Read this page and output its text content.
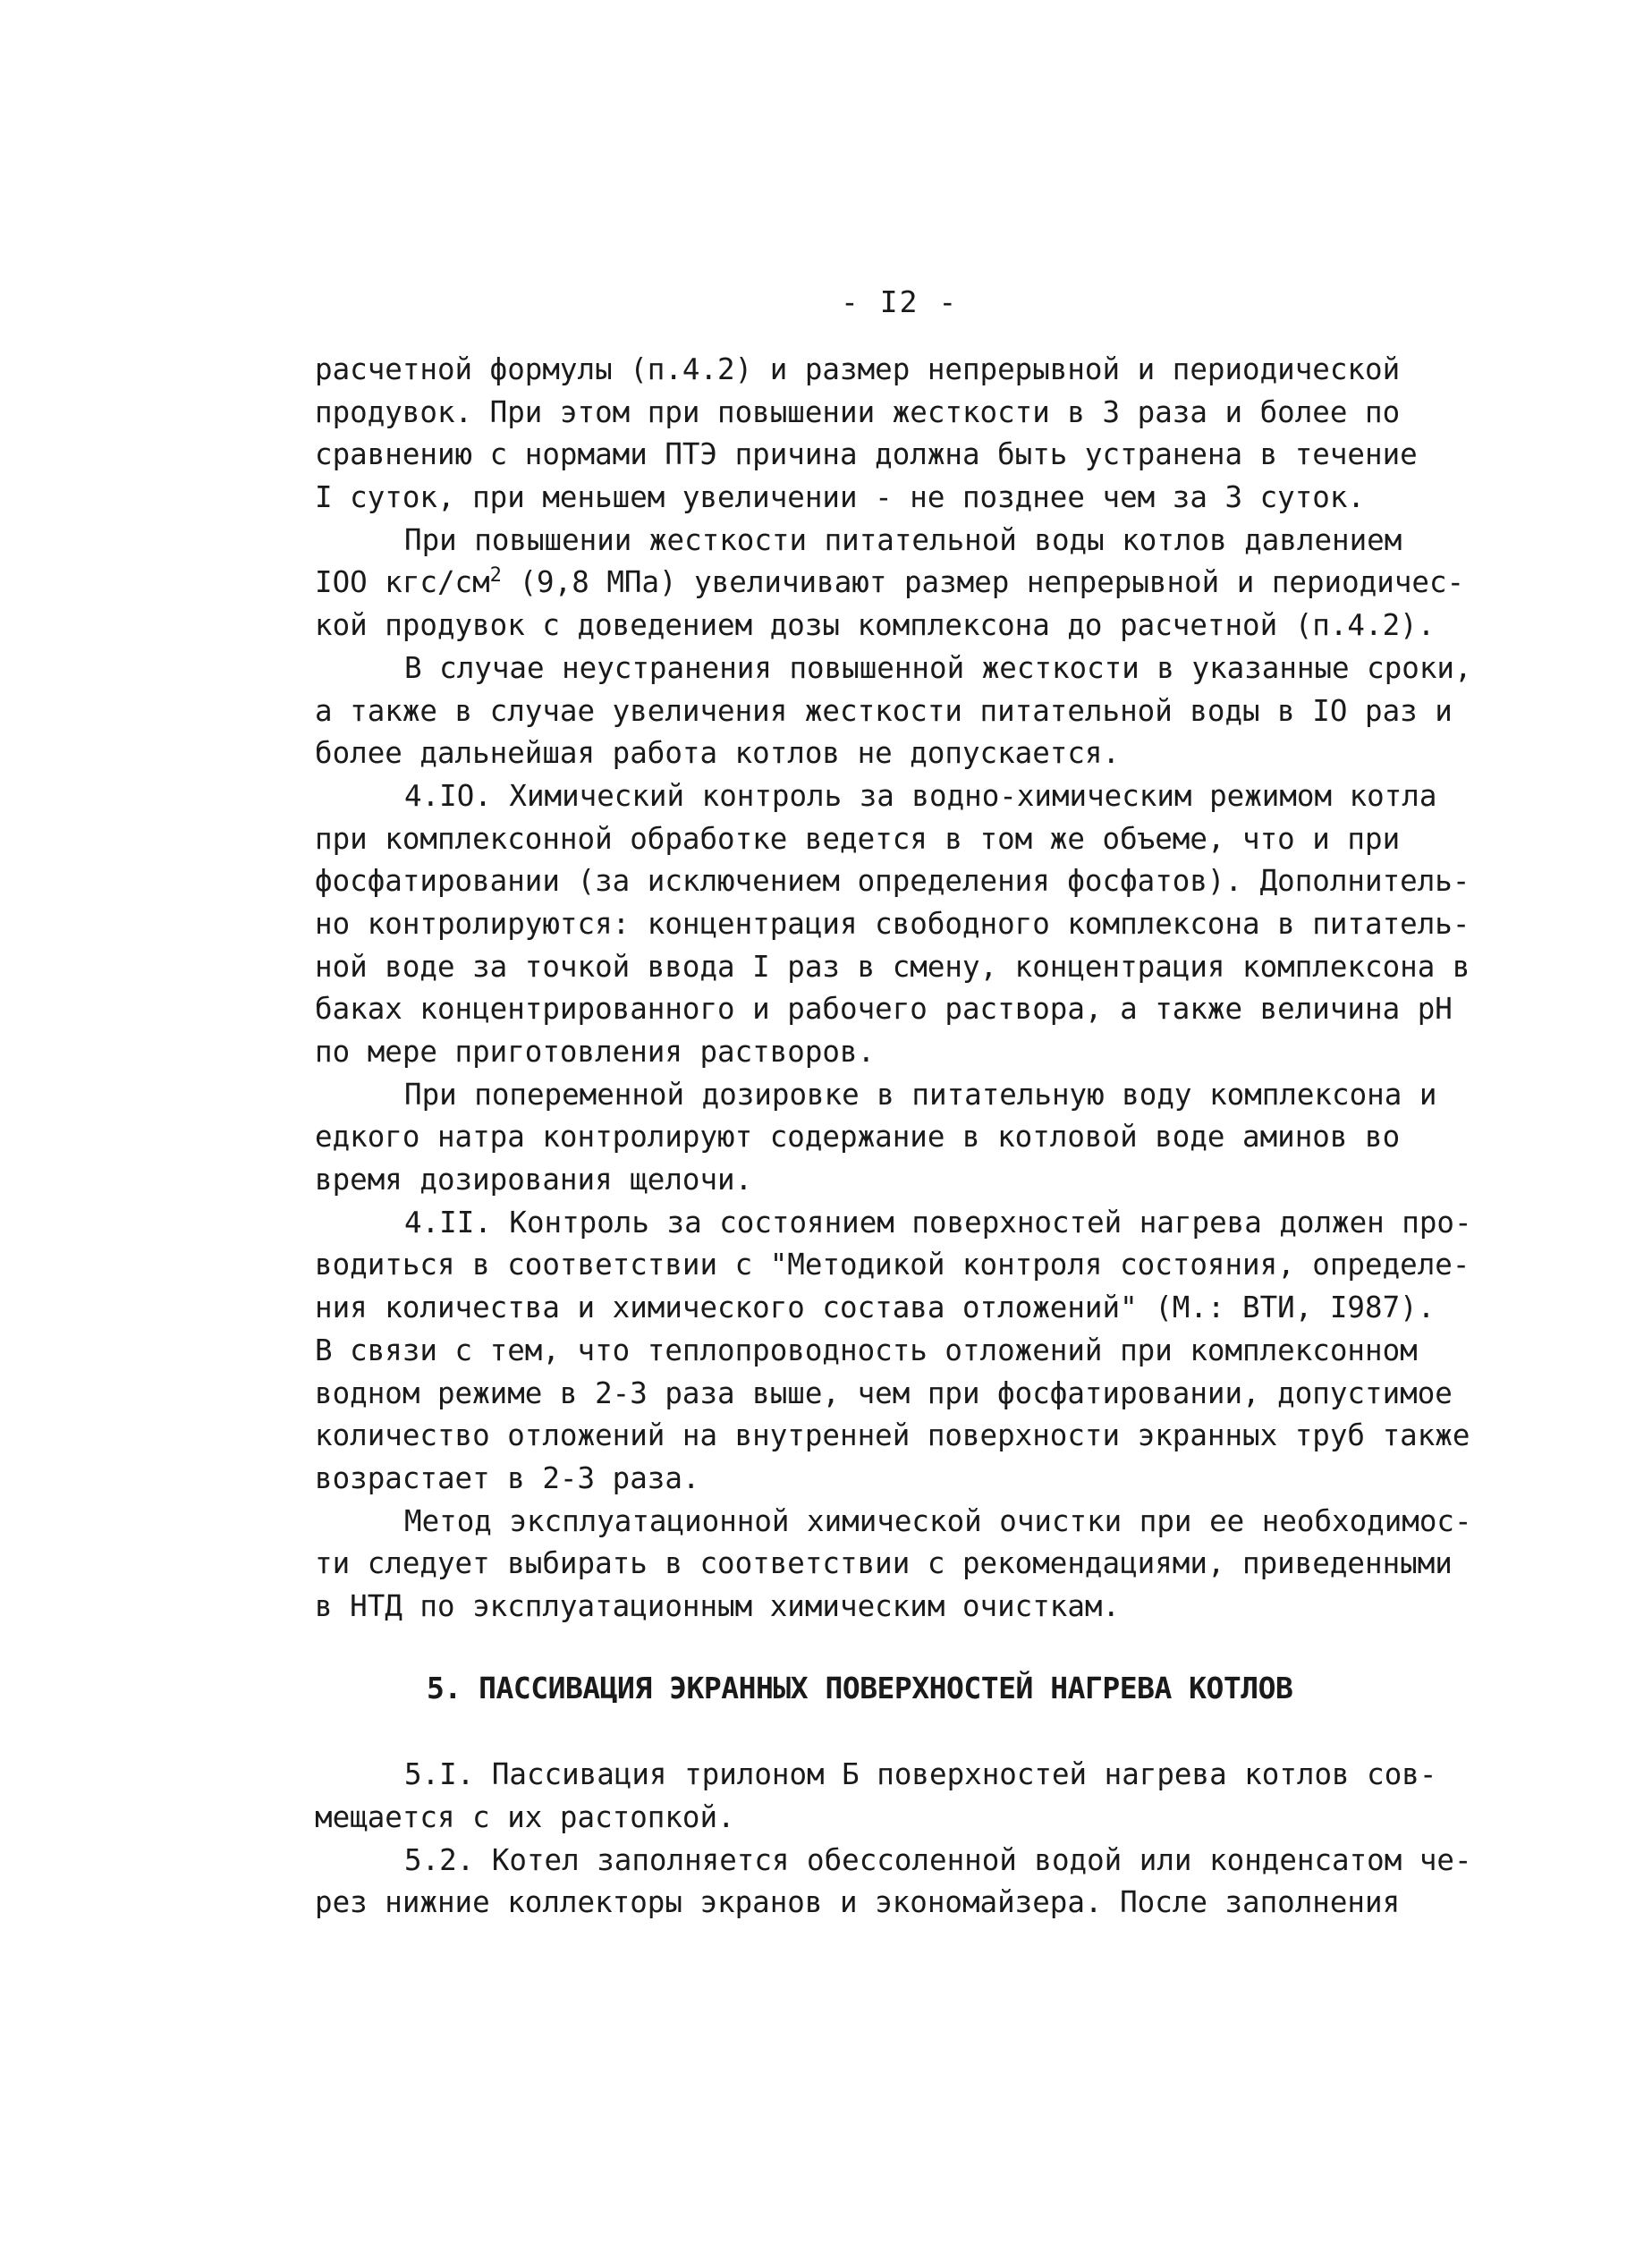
- I2 -
расчетной формулы (п.4.2) и размер непрерывной и периодической
продувок. При этом при повышении жесткости в 3 раза и более по
сравнению с нормами ПТЭ причина должна быть устранена в течение
I суток, при меньшем увеличении - не позднее чем за 3 суток.
При повышении жесткости питательной воды котлов давлением
IOO кгс/$см^2$ (9,8 МПа) увеличивают размер непрерывной и периодичес-
кой продувок с доведением дозы комплексона до расчетной (п.4.2).
В случае неустранения повышенной жесткости в указанные сроки,
а также в случае увеличения жесткости питательной воды в IO раз и
более дальнейшая работа котлов не допускается.
4.IO. Химический контроль за водно-химическим режимом котла
при комплексонной обработке ведется в том же объеме, что и при
фосфатировании (за исключением определения фосфатов). Дополнитель-
но контролируются: концентрация свободного комплексона в питатель-
ной воде за точкой ввода I раз в смену, концентрация комплексона в
баках концентрированного и рабочего раствора, а также величина рН
по мере приготовления растворов.
При попеременной дозировке в питательную воду комплексона и
едкого натра контролируют содержание в котловой воде аминов во
время дозирования щелочи.
4.II. Контроль за состоянием поверхностей нагрева должен про-
водиться в соответствии с "Методикой контроля состояния, определе-
ния количества и химического состава отложений" (М.: ВТИ, I987).
В связи с тем, что теплопроводность отложений при комплексонном
водном режиме в 2-3 раза выше, чем при фосфатировании, допустимое
количество отложений на внутренней поверхности экранных труб также
возрастает в 2-3 раза.
Метод эксплуатационной химической очистки при ее необходимос-
ти следует выбирать в соответствии с рекомендациями, приведенными
в НТД по эксплуатационным химическим очисткам.
5. ПАССИВАЦИЯ ЭКРАННЫХ ПОВЕРХНОСТЕЙ НАГРЕВА КОТЛОВ
5.I. Пассивация трилоном Б поверхностей нагрева котлов сов-
мещается с их растопкой.
5.2. Котел заполняется обессоленной водой или конденсатом че-
рез нижние коллекторы экранов и экономайзера. После заполнения
